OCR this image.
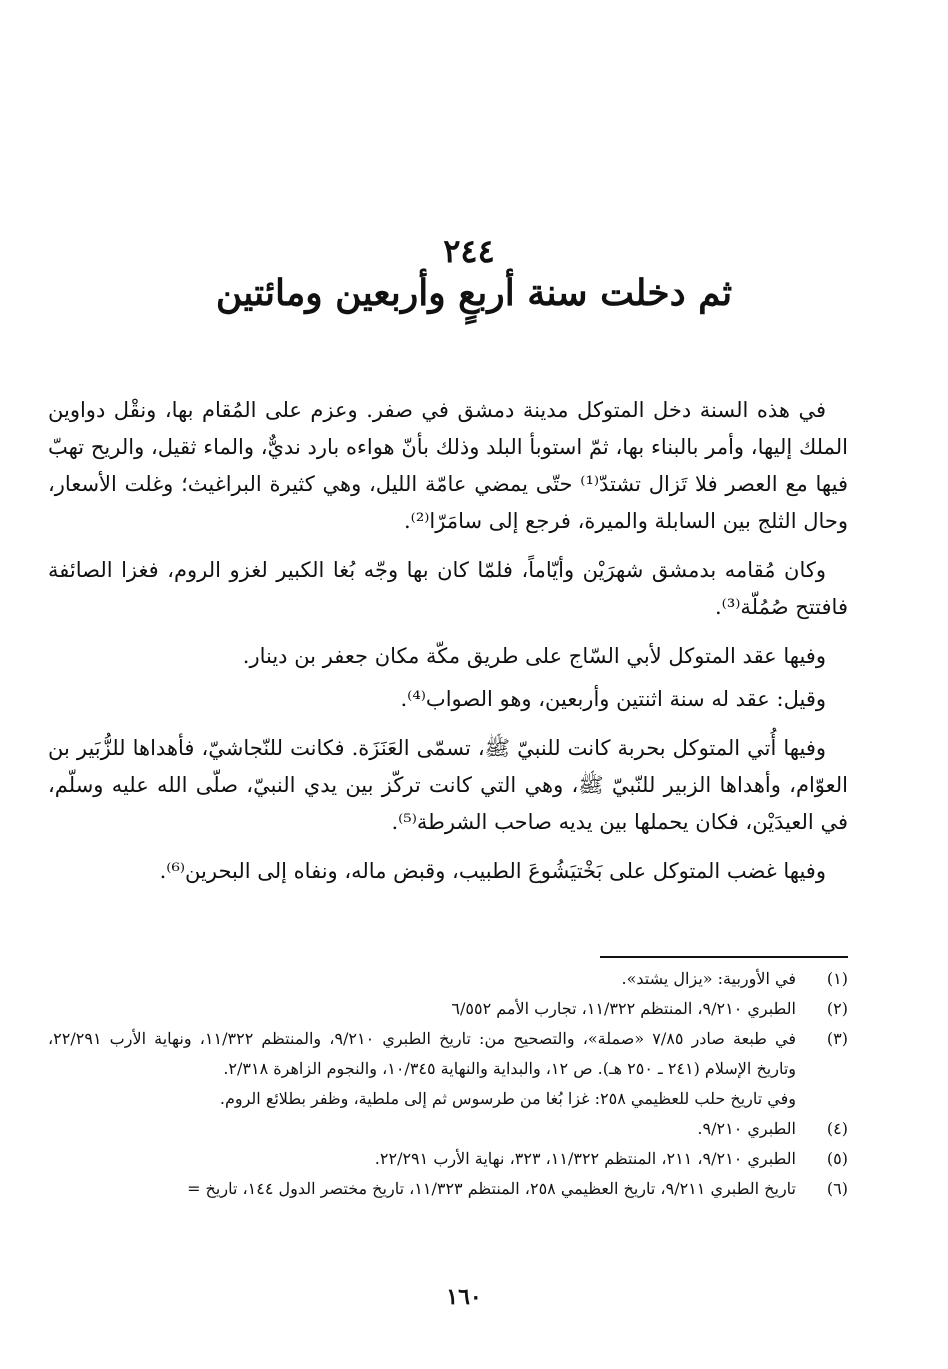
٢٤٤
ثم دخلت سنة أربعٍ وأربعين ومائتين

في هذه السنة دخل المتوكل مدينة دمشق في صفر. وعزم على المُقام بها، ونقْل دواوين الملك إليها، وأمر بالبناء بها، ثمّ استوبأ البلد وذلك بأنّ هواءه بارد نديٌّ، والماء ثقيل، والريح تهبّ فيها مع العصر فلا تَزال تشتدّ⁽¹⁾ حتّى يمضي عامّة الليل، وهي كثيرة البراغيث؛ وغلت الأسعار، وحال الثلج بين السابلة والميرة، فرجع إلى سامَرّا⁽²⁾.

وكان مُقامه بدمشق شهرَيْن وأيّاماً، فلمّا كان بها وجّه بُغا الكبير لغزو الروم، فغزا الصائفة فافتتح صُمُلّة⁽³⁾.

وفيها عقد المتوكل لأبي السّاج على طريق مكّة مكان جعفر بن دينار.

وقيل: عقد له سنة اثنتين وأربعين، وهو الصواب⁽⁴⁾.

وفيها أُتي المتوكل بحربة كانت للنبيّ ﷺ، تسمّى العَنَزَة. فكانت للنّجاشيّ، فأهداها للزُّبَير بن العوّام، وأهداها الزبير للنّبيّ ﷺ، وهي التي كانت تركّز بين يدي النبيّ، صلّى الله عليه وسلّم، في العيدَيْن، فكان يحملها بين يديه صاحب الشرطة⁽⁵⁾.

وفيها غضب المتوكل على بَخْتيَشُوعَ الطبيب، وقبض ماله، ونفاه إلى البحرين⁽⁶⁾.

(١)
في الأوربية: «يزال يشتد».
(٢)
الطبري ٩/٢١٠، المنتظم ١١/٣٢٢، تجارب الأمم ٦/٥٥٢
(٣)
في طبعة صادر ٧/٨٥ «صملة»، والتصحيح من: تاريخ الطبري ٩/٢١٠، والمنتظم ١١/٣٢٢، ونهاية الأرب ٢٢/٢٩١، وتاريخ الإسلام (٢٤١ ـ ٢٥٠ هـ). ص ١٢، والبداية والنهاية ١٠/٣٤٥، والنجوم الزاهرة ٢/٣١٨.
وفي تاريخ حلب للعظيمي ٢٥٨: غزا بُغا من طرسوس ثم إلى ملطية، وظفر بطلائع الروم.
(٤)
الطبري ٩/٢١٠.
(٥)
الطبري ٩/٢١٠، ٢١١، المنتظم ١١/٣٢٢، ٣٢٣، نهاية الأرب ٢٢/٢٩١.
(٦)
تاريخ الطبري ٩/٢١١، تاريخ العظيمي ٢٥٨، المنتظم ١١/٣٢٣، تاريخ مختصر الدول ١٤٤، تاريخ =
١٦٠
